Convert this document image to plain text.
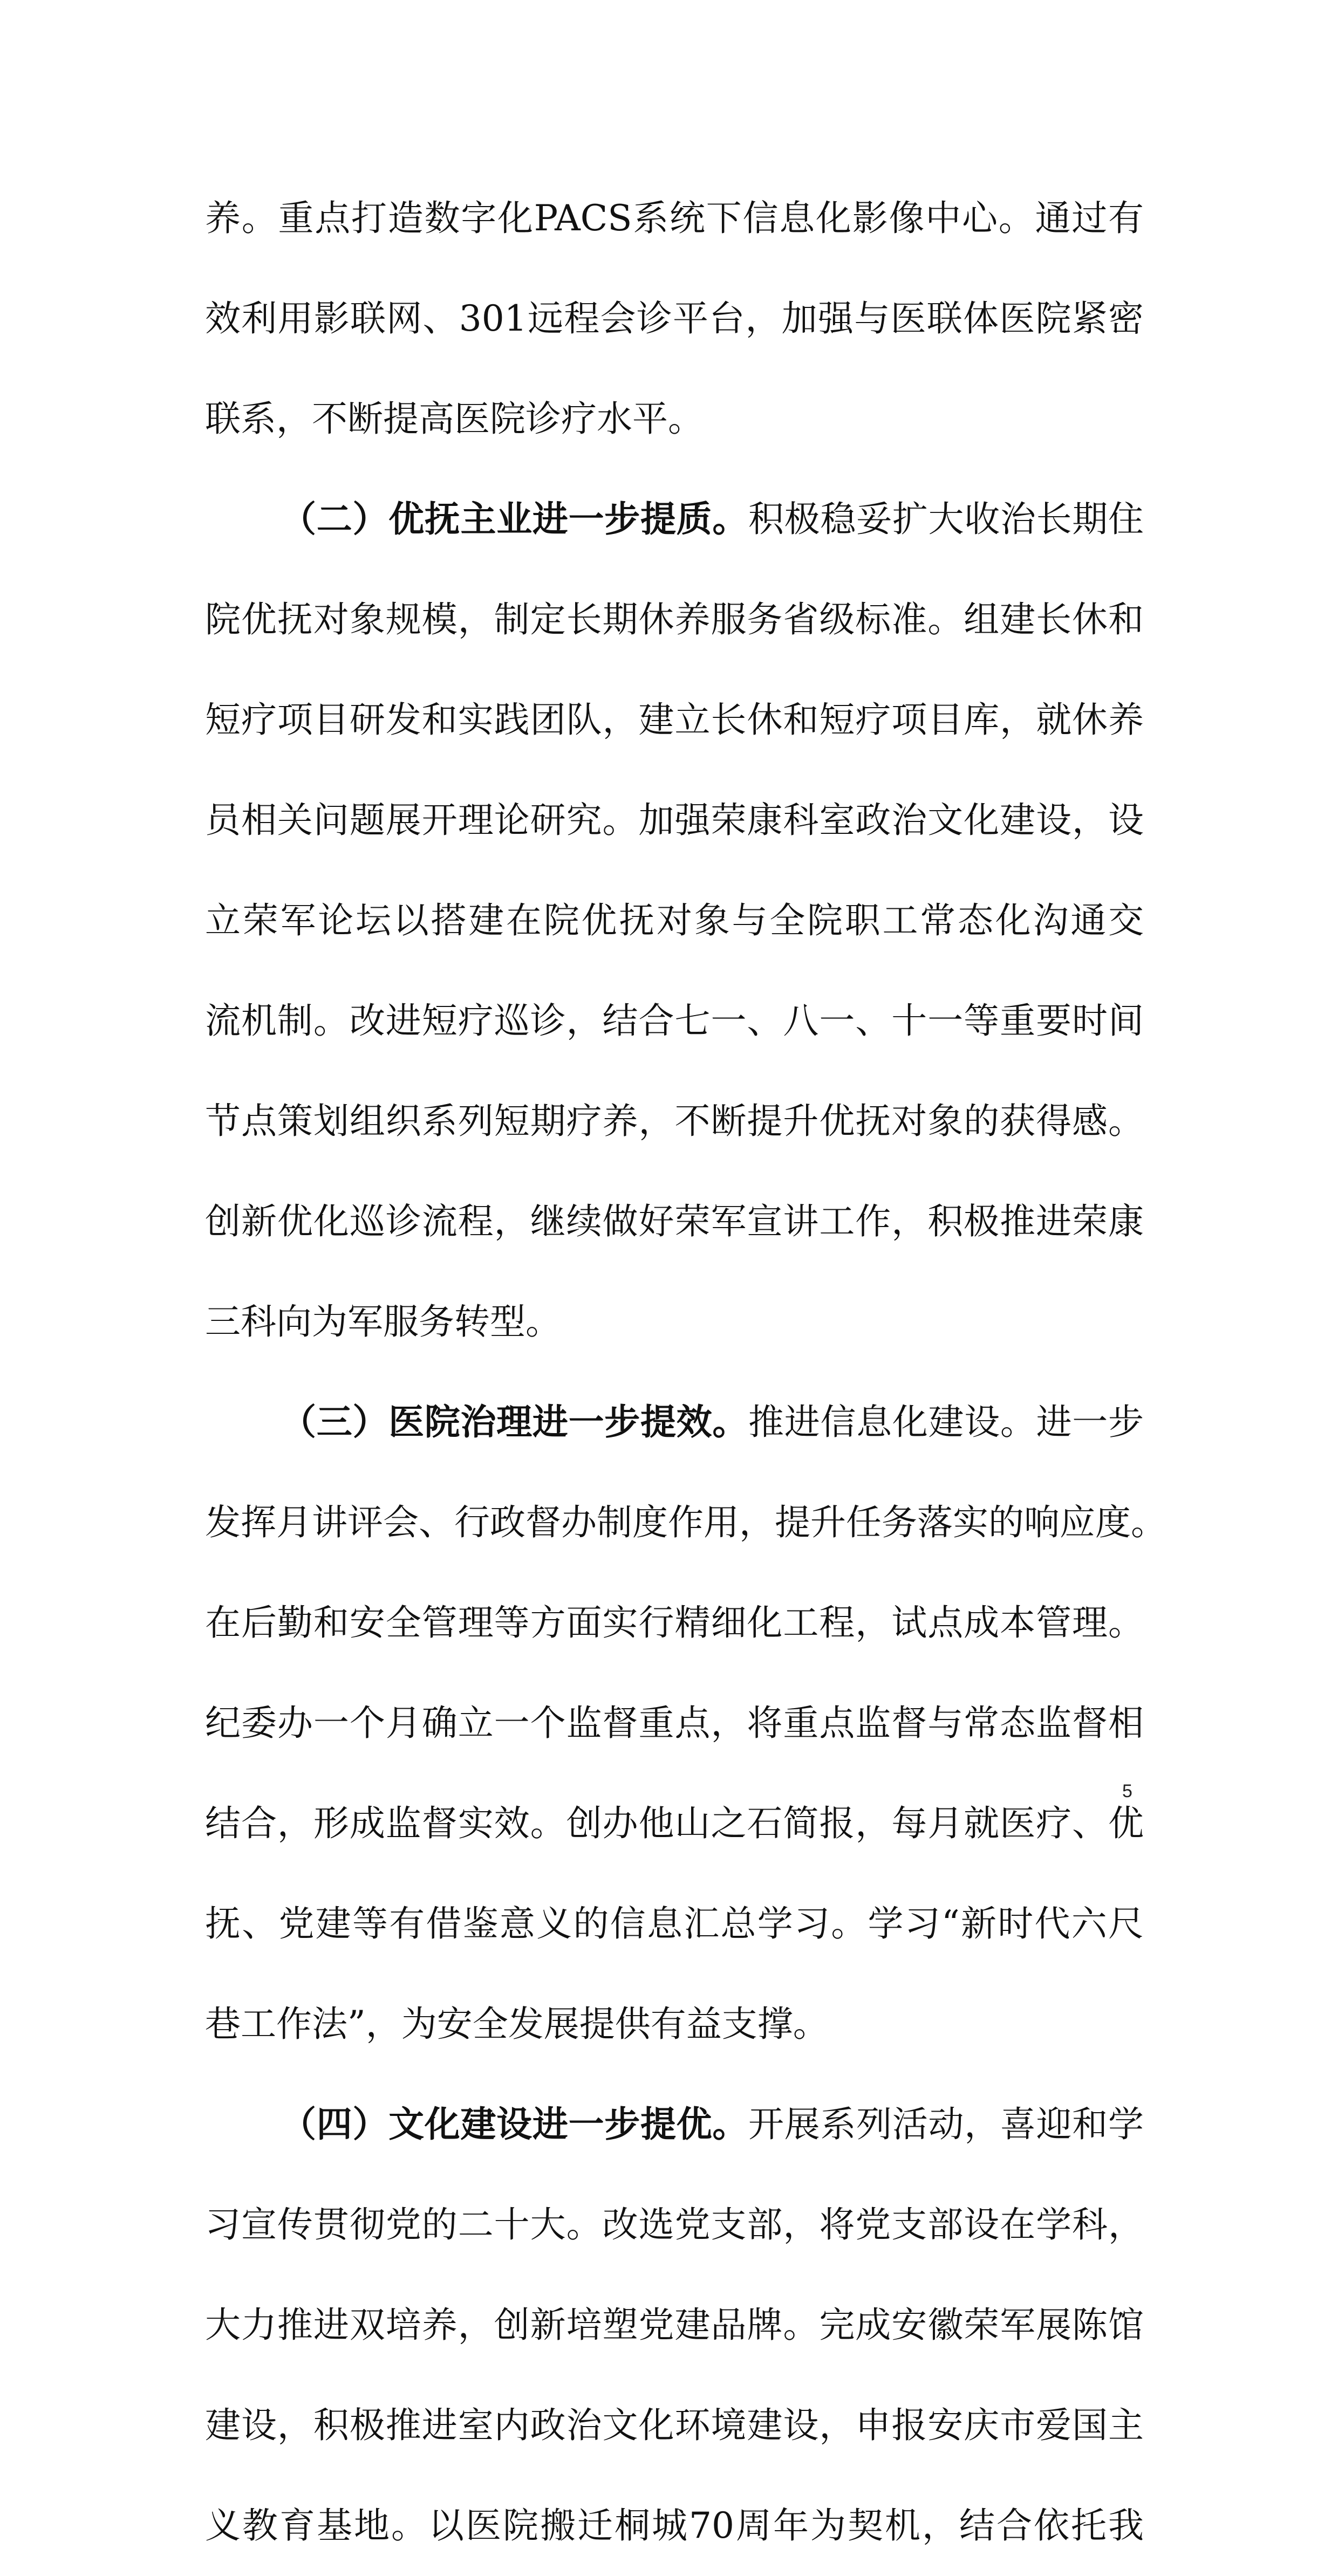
养。重点打造数字化PACS系统下信息化影像中心。通过有
效利用影联网、301远程会诊平台，加强与医联体医院紧密
联系，不断提高医院诊疗水平。
（二）优抚主业进一步提质。积极稳妥扩大收治长期住
院优抚对象规模，制定长期休养服务省级标准。组建长休和
短疗项目研发和实践团队，建立长休和短疗项目库，就休养
员相关问题展开理论研究。加强荣康科室政治文化建设，设
立荣军论坛以搭建在院优抚对象与全院职工常态化沟通交
流机制。改进短疗巡诊，结合七一、八一、十一等重要时间
节点策划组织系列短期疗养，不断提升优抚对象的获得感。
创新优化巡诊流程，继续做好荣军宣讲工作，积极推进荣康
三科向为军服务转型。
（三）医院治理进一步提效。推进信息化建设。进一步
发挥月讲评会、行政督办制度作用，提升任务落实的响应度。
在后勤和安全管理等方面实行精细化工程，试点成本管理。
纪委办一个月确立一个监督重点，将重点监督与常态监督相
结合，形成监督实效。创办他山之石简报，每月就医疗、优
抚、党建等有借鉴意义的信息汇总学习。学习“新时代六尺
巷工作法”，为安全发展提供有益支撑。
（四）文化建设进一步提优。开展系列活动，喜迎和学
习宣传贯彻党的二十大。改选党支部，将党支部设在学科，
大力推进双培养，创新培塑党建品牌。完成安徽荣军展陈馆
建设，积极推进室内政治文化环境建设，申报安庆市爱国主
义教育基地。以医院搬迁桐城70周年为契机，结合依托我
5
